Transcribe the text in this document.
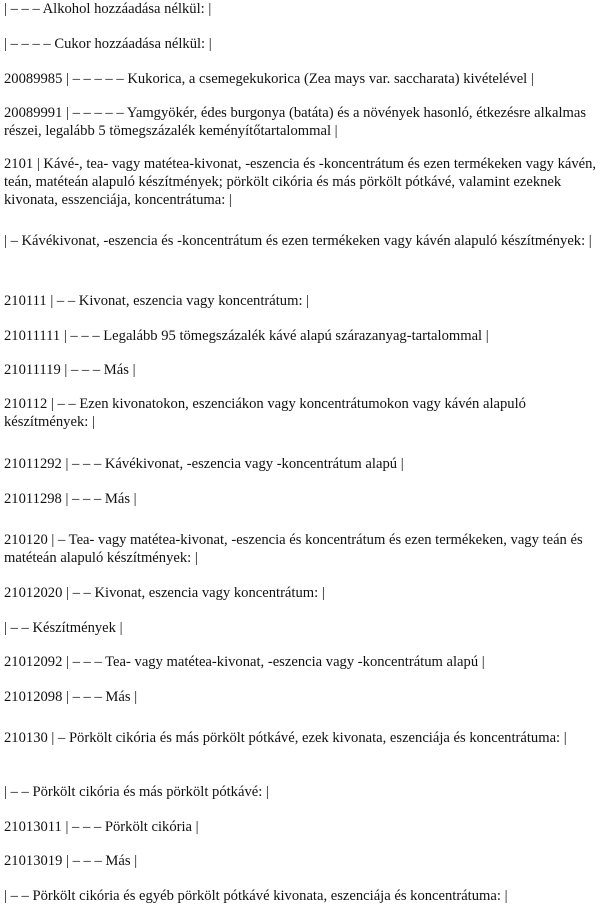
| – – – Alkohol hozzáadása nélkül: |

| – – – – Cukor hozzáadása nélkül: |

20089985 | – – – – – Kukorica, a csemegekukorica (Zea mays var. saccharata) kivételével |

20089991 | – – – – – Yamgyökér, édes burgonya (batáta) és a növények hasonló, étkezésre alkalmas részei, legalább 5 tömegszázalék keményítőtartalommal |

2101 | Kávé-, tea- vagy matétea-kivonat, -eszencia és -koncentrátum és ezen termékeken vagy kávén, teán, matéteán alapuló készítmények; pörkölt cikória és más pörkölt pótkávé, valamint ezeknek kivonata, esszenciája, koncentrátuma: |

| – Kávékivonat, -eszencia és -koncentrátum és ezen termékeken vagy kávén alapuló készítmények: |

210111 | – – Kivonat, eszencia vagy koncentrátum: |

21011111 | – – – Legalább 95 tömegszázalék kávé alapú szárazanyag-tartalommal |

21011119 | – – – Más |

210112 | – – Ezen kivonatokon, eszenciákon vagy koncentrátumokon vagy kávén alapuló készítmények: |

21011292 | – – – Kávékivonat, -eszencia vagy -koncentrátum alapú |

21011298 | – – – Más |

210120 | – Tea- vagy matétea-kivonat, -eszencia és koncentrátum és ezen termékeken, vagy teán és matéteán alapuló készítmények: |

21012020 | – – Kivonat, eszencia vagy koncentrátum: |

| – – Készítmények |

21012092 | – – – Tea- vagy matétea-kivonat, -eszencia vagy -koncentrátum alapú |

21012098 | – – – Más |

210130 | – Pörkölt cikória és más pörkölt pótkávé, ezek kivonata, eszenciája és koncentrátuma: |

| – – Pörkölt cikória és más pörkölt pótkávé: |

21013011 | – – – Pörkölt cikória |

21013019 | – – – Más |

| – – Pörkölt cikória és egyéb pörkölt pótkávé kivonata, eszenciája és koncentrátuma: |
